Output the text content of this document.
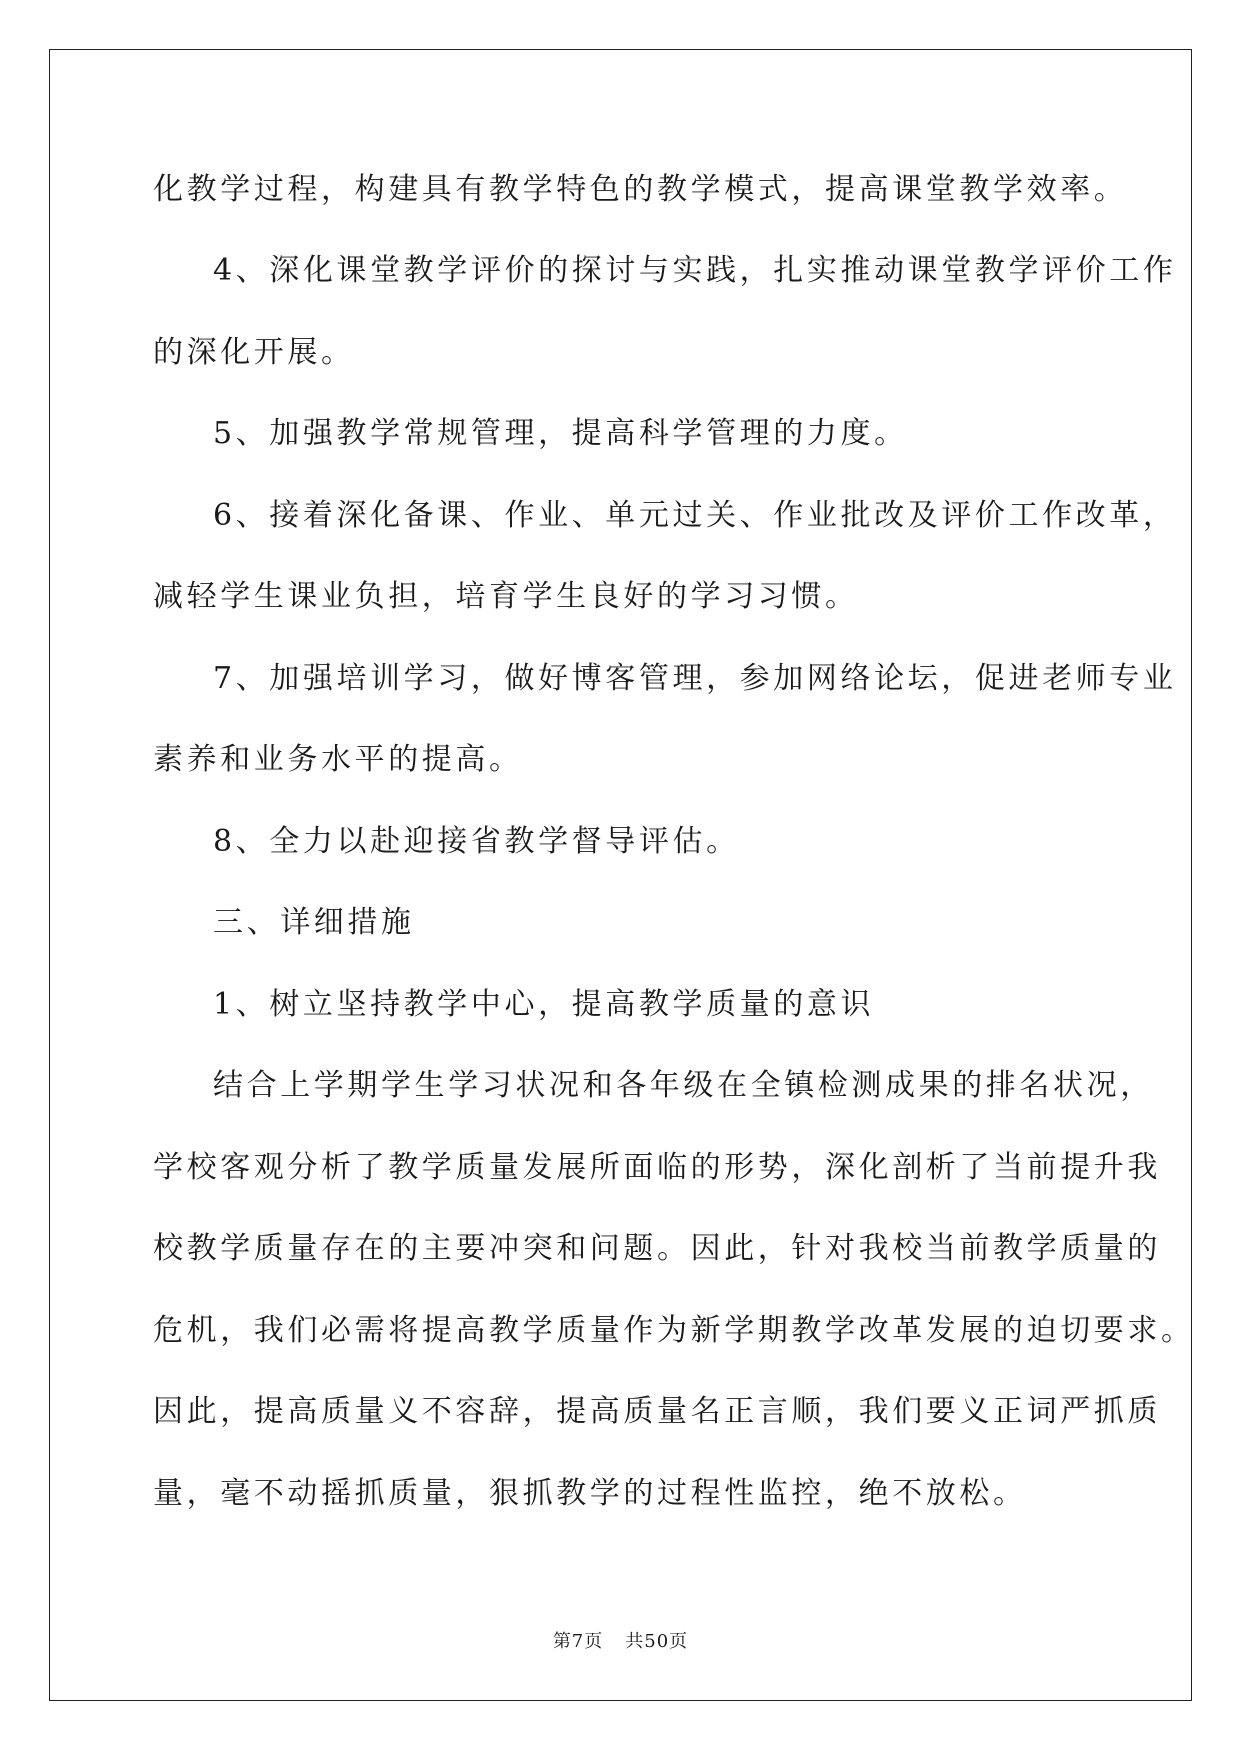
化教学过程，构建具有教学特色的教学模式，提高课堂教学效率。
4、深化课堂教学评价的探讨与实践，扎实推动课堂教学评价工作
的深化开展。
5、加强教学常规管理，提高科学管理的力度。
6、接着深化备课、作业、单元过关、作业批改及评价工作改革，
减轻学生课业负担，培育学生良好的学习习惯。
7、加强培训学习，做好博客管理，参加网络论坛，促进老师专业
素养和业务水平的提高。
8、全力以赴迎接省教学督导评估。
三、详细措施
1、树立坚持教学中心，提高教学质量的意识
结合上学期学生学习状况和各年级在全镇检测成果的排名状况，
学校客观分析了教学质量发展所面临的形势，深化剖析了当前提升我
校教学质量存在的主要冲突和问题。因此，针对我校当前教学质量的
危机，我们必需将提高教学质量作为新学期教学改革发展的迫切要求。
因此，提高质量义不容辞，提高质量名正言顺，我们要义正词严抓质
量，毫不动摇抓质量，狠抓教学的过程性监控，绝不放松。
第7页 共50页
